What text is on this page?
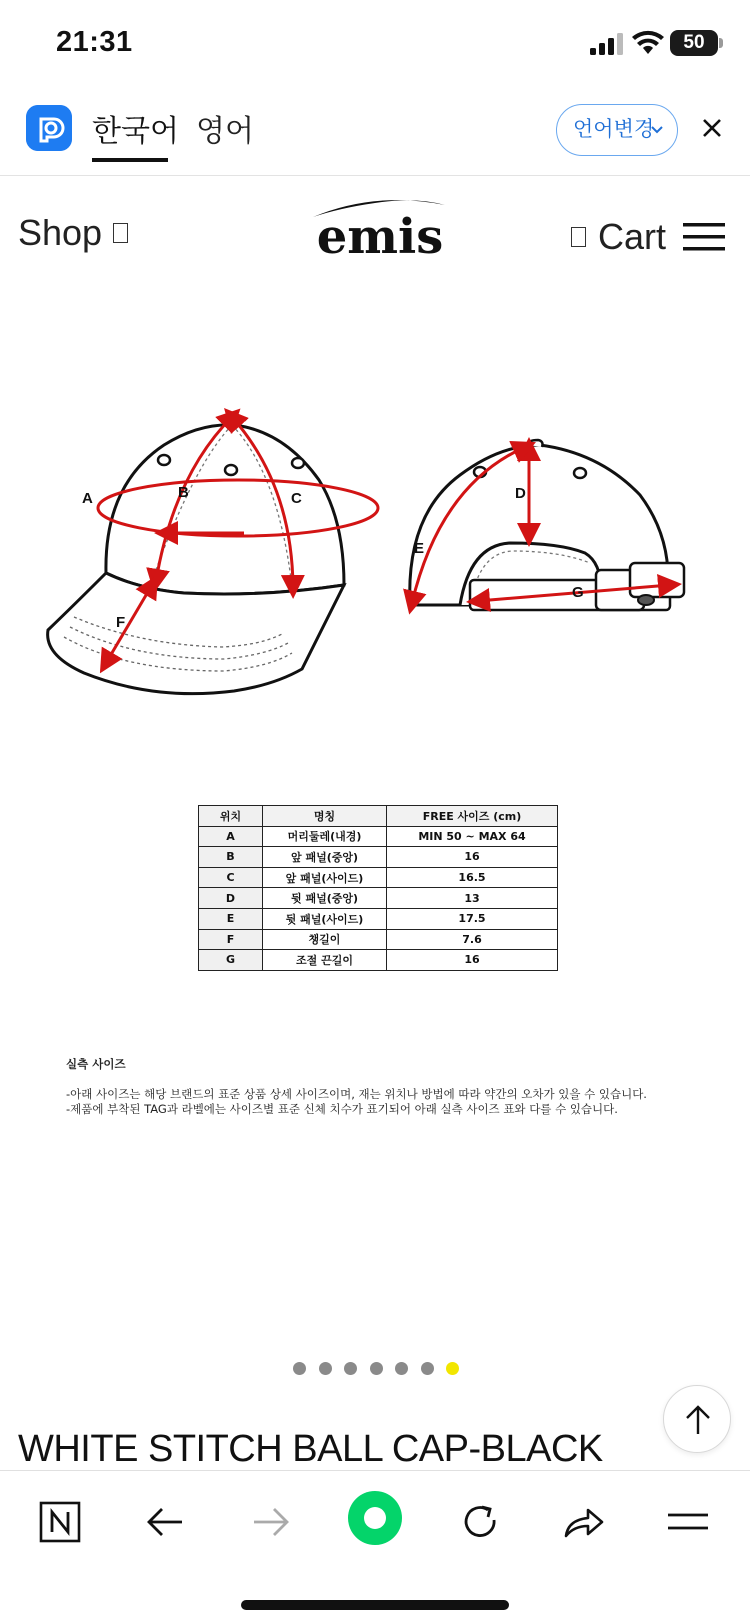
21:31	50
한국어 영어	언어변경
Shop	emis	Cart
A	B	C
F
D
E
G
위치	명칭	FREE 사이즈 (cm)
A	머리둘레(내경)	MIN 50 ~ MAX 64
B	앞 패널(중앙)	16
C	앞 패널(사이드)	16.5
D	뒷 패널(중앙)	13
E	뒷 패널(사이드)	17.5
F	챙길이	7.6
G	조절 끈길이	16
실측 사이즈
-아래 사이즈는 해당 브랜드의 표준 상품 상세 사이즈이며, 재는 위치나 방법에 따라 약간의 오차가 있을 수 있습니다.
-제품에 부착된 TAG과 라벨에는 사이즈별 표준 신체 치수가 표기되어 아래 실측 사이즈 표와 다를 수 있습니다.
WHITE STITCH BALL CAP-BLACK
